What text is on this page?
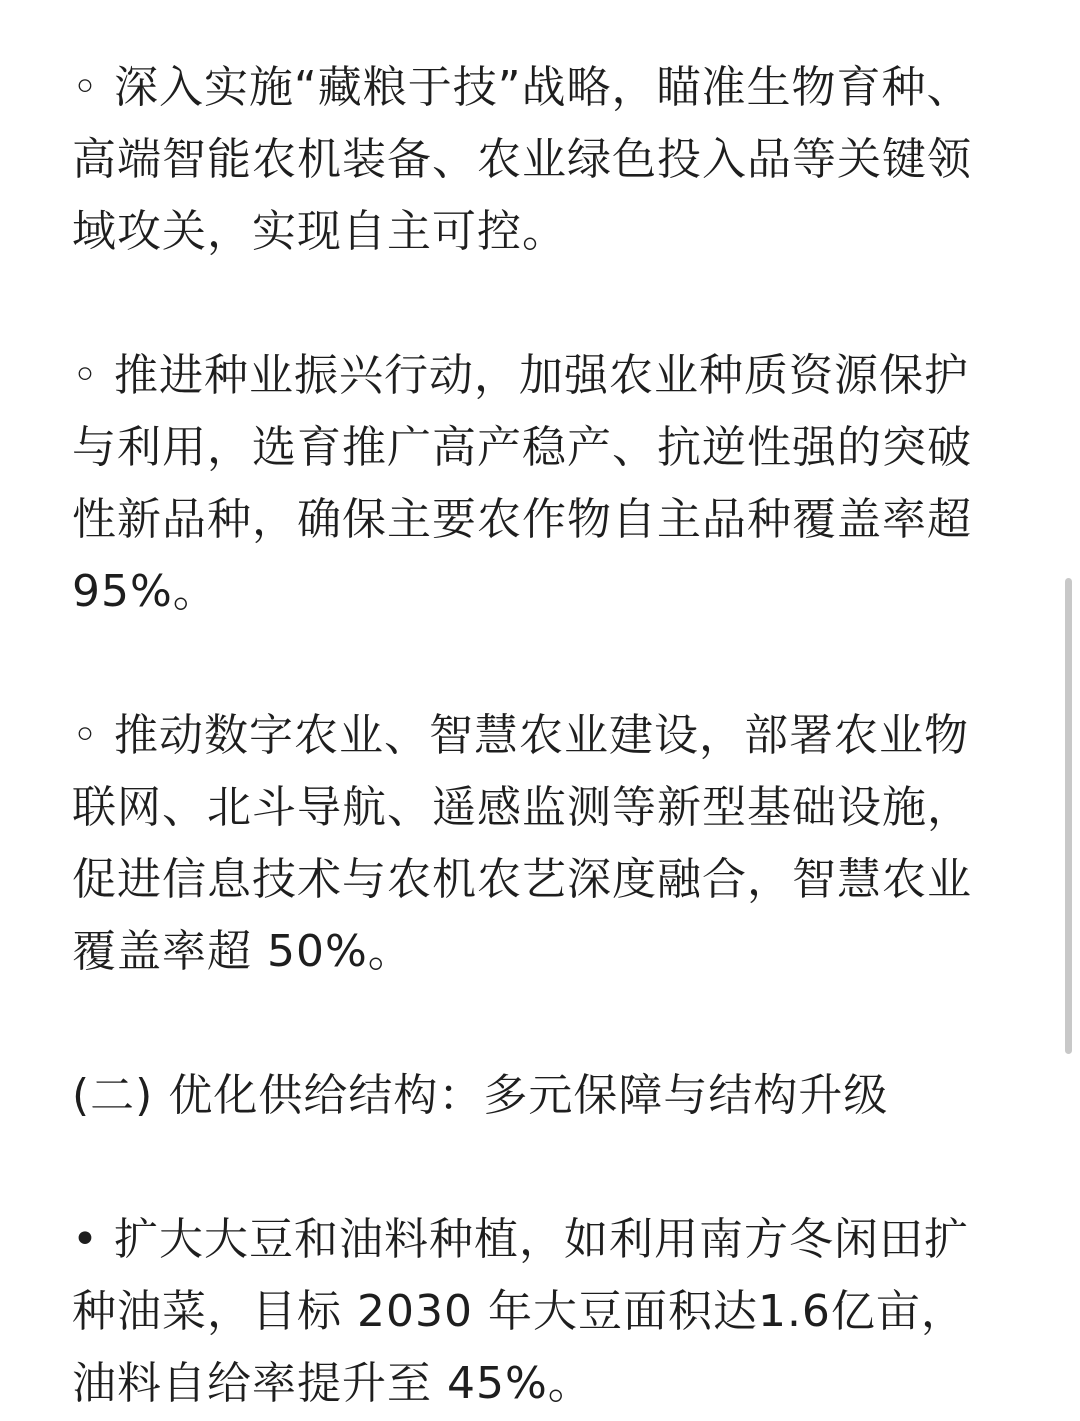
◦ 深入实施“藏粮于技”战略，瞄准生物育种、高端智能农机装备、农业绿色投入品等关键领域攻关，实现自主可控。

◦ 推进种业振兴行动，加强农业种质资源保护与利用，选育推广高产稳产、抗逆性强的突破性新品种，确保主要农作物自主品种覆盖率超 95%。

◦ 推动数字农业、智慧农业建设，部署农业物联网、北斗导航、遥感监测等新型基础设施，促进信息技术与农机农艺深度融合，智慧农业覆盖率超 50%。

(二) 优化供给结构：多元保障与结构升级

• 扩大大豆和油料种植，如利用南方冬闲田扩种油菜，目标 2030 年大豆面积达1.6亿亩，油料自给率提升至 45%。
